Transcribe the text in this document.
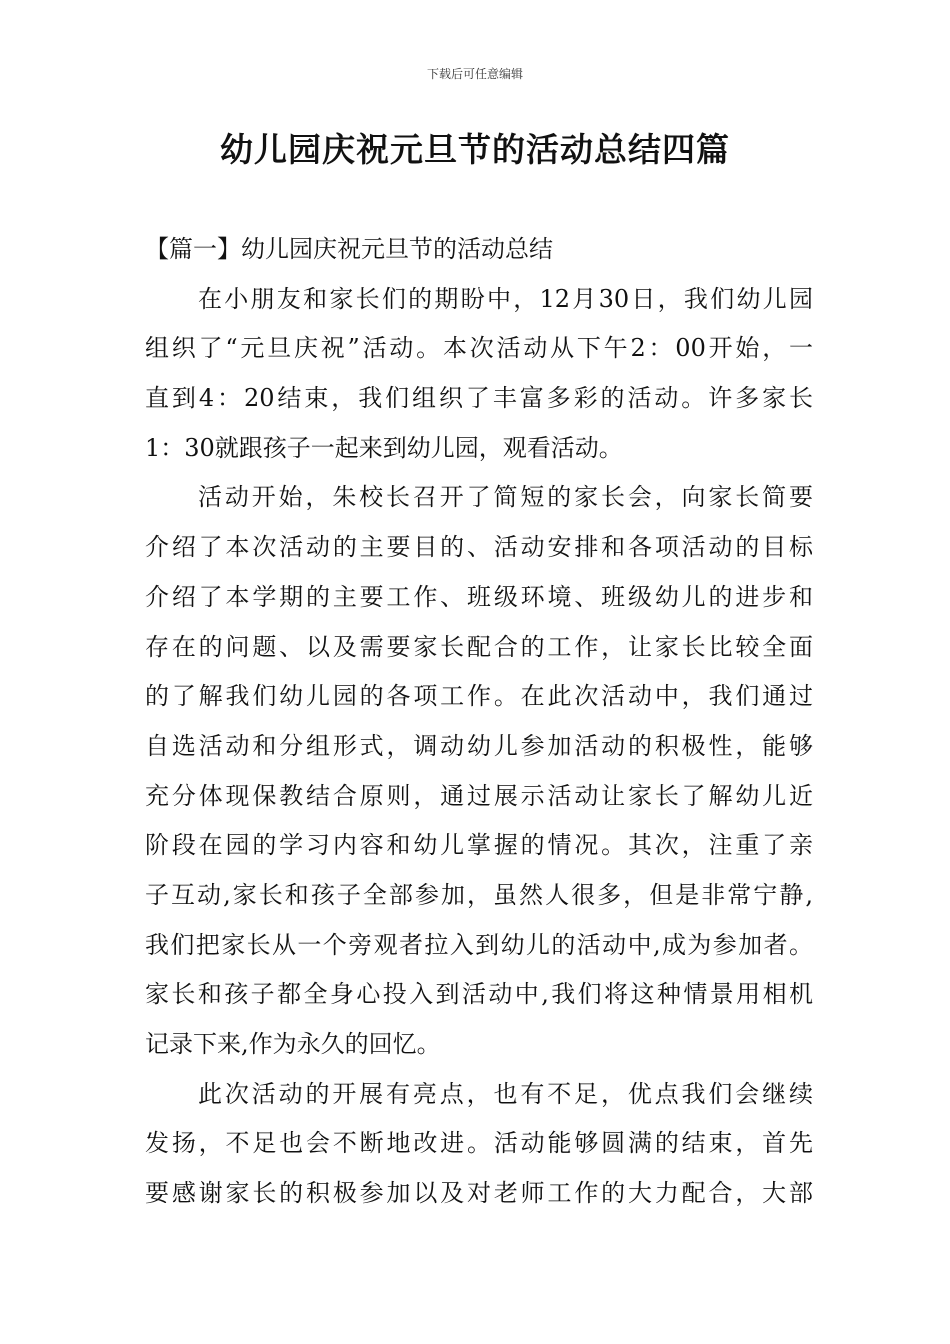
下载后可任意编辑
幼儿园庆祝元旦节的活动总结四篇

【篇一】幼儿园庆祝元旦节的活动总结

在小朋友和家长们的期盼中，12月30日，我们幼儿园
组织了“元旦庆祝”活动。本次活动从下午2：00开始，一
直到4：20结束，我们组织了丰富多彩的活动。许多家长
1：30就跟孩子一起来到幼儿园，观看活动。

活动开始，朱校长召开了简短的家长会，向家长简要
介绍了本次活动的主要目的、活动安排和各项活动的目标
介绍了本学期的主要工作、班级环境、班级幼儿的进步和
存在的问题、以及需要家长配合的工作，让家长比较全面
的了解我们幼儿园的各项工作。在此次活动中，我们通过
自选活动和分组形式，调动幼儿参加活动的积极性，能够
充分体现保教结合原则，通过展示活动让家长了解幼儿近
阶段在园的学习内容和幼儿掌握的情况。其次，注重了亲
子互动,家长和孩子全部参加，虽然人很多，但是非常宁静,
我们把家长从一个旁观者拉入到幼儿的活动中,成为参加者。
家长和孩子都全身心投入到活动中,我们将这种情景用相机
记录下来,作为永久的回忆。

此次活动的开展有亮点，也有不足，优点我们会继续
发扬，不足也会不断地改进。活动能够圆满的结束，首先
要感谢家长的积极参加以及对老师工作的大力配合，大部
